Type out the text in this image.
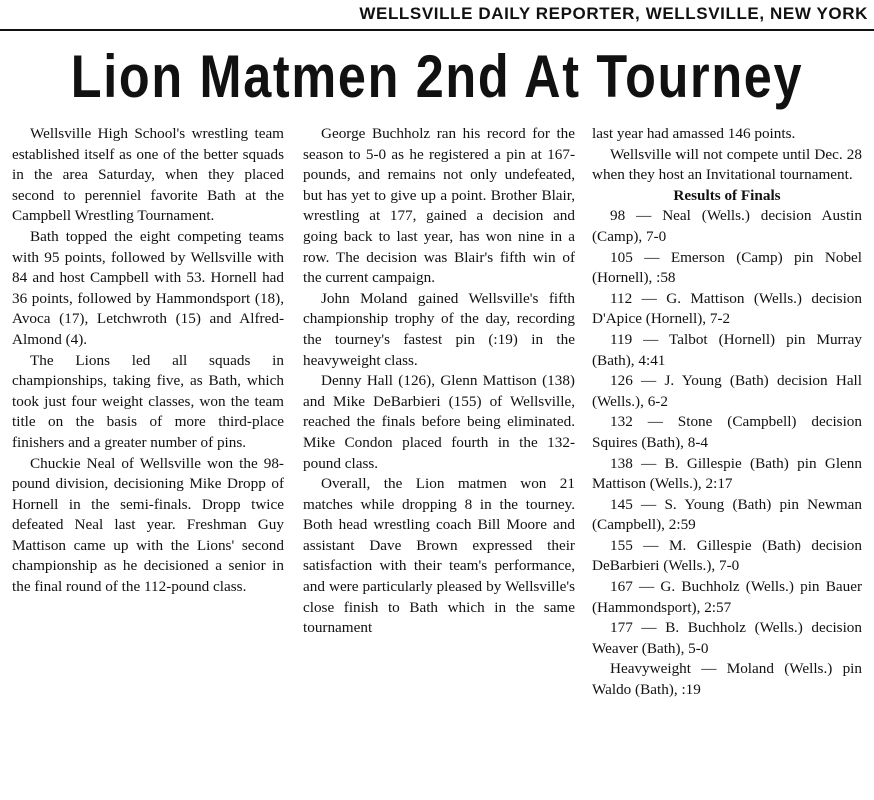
WELLSVILLE DAILY REPORTER, WELLSVILLE, NEW YORK
Lion Matmen 2nd At Tourney

Wellsville High School's wrestling team established itself as one of the better squads in the area Saturday, when they placed second to perenniel favorite Bath at the Campbell Wrestling Tournament.

Bath topped the eight competing teams with 95 points, followed by Wellsville with 84 and host Campbell with 53. Hornell had 36 points, followed by Hammondsport (18), Avoca (17), Letchwroth (15) and Alfred-Almond (4).

The Lions led all squads in championships, taking five, as Bath, which took just four weight classes, won the team title on the basis of more third-place finishers and a greater number of pins.

Chuckie Neal of Wellsville won the 98-pound division, decisioning Mike Dropp of Hornell in the semi-finals. Dropp twice defeated Neal last year. Freshman Guy Mattison came up with the Lions' second championship as he decisioned a senior in the final round of the 112-pound class.

George Buchholz ran his record for the season to 5-0 as he registered a pin at 167-pounds, and remains not only undefeated, but has yet to give up a point. Brother Blair, wrestling at 177, gained a decision and going back to last year, has won nine in a row. The decision was Blair's fifth win of the current campaign.

John Moland gained Wellsville's fifth championship trophy of the day, recording the tourney's fastest pin (:19) in the heavyweight class.

Denny Hall (126), Glenn Mattison (138) and Mike DeBarbieri (155) of Wellsville, reached the finals before being eliminated. Mike Condon placed fourth in the 132-pound class.

Overall, the Lion matmen won 21 matches while dropping 8 in the tourney. Both head wrestling coach Bill Moore and assistant Dave Brown expressed their satisfaction with their team's performance, and were particularly pleased by Wellsville's close finish to Bath which in the same tournament

last year had amassed 146 points.

Wellsville will not compete until Dec. 28 when they host an Invitational tournament.

Results of Finals

98 — Neal (Wells.) decision Austin (Camp), 7-0

105 — Emerson (Camp) pin Nobel (Hornell), :58

112 — G. Mattison (Wells.) decision D'Apice (Hornell), 7-2

119 — Talbot (Hornell) pin Murray (Bath), 4:41

126 — J. Young (Bath) decision Hall (Wells.), 6-2

132 — Stone (Campbell) decision Squires (Bath), 8-4

138 — B. Gillespie (Bath) pin Glenn Mattison (Wells.), 2:17

145 — S. Young (Bath) pin Newman (Campbell), 2:59

155 — M. Gillespie (Bath) decision DeBarbieri (Wells.), 7-0

167 — G. Buchholz (Wells.) pin Bauer (Hammondsport), 2:57

177 — B. Buchholz (Wells.) decision Weaver (Bath), 5-0

Heavyweight — Moland (Wells.) pin Waldo (Bath), :19
